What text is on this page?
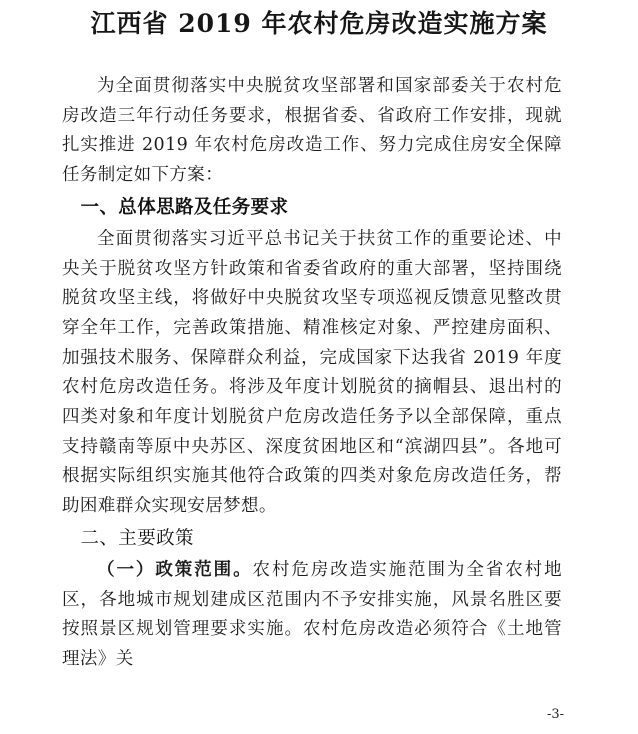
江西省 2019 年农村危房改造实施方案

为全面贯彻落实中央脱贫攻坚部署和国家部委关于农村危房改造三年行动任务要求，根据省委、省政府工作安排，现就扎实推进 2019 年农村危房改造工作、努力完成住房安全保障任务制定如下方案：

一、总体思路及任务要求

全面贯彻落实习近平总书记关于扶贫工作的重要论述、中央关于脱贫攻坚方针政策和省委省政府的重大部署，坚持围绕脱贫攻坚主线，将做好中央脱贫攻坚专项巡视反馈意见整改贯穿全年工作，完善政策措施、精准核定对象、严控建房面积、加强技术服务、保障群众利益，完成国家下达我省 2019 年度农村危房改造任务。将涉及年度计划脱贫的摘帽县、退出村的四类对象和年度计划脱贫户危房改造任务予以全部保障，重点支持赣南等原中央苏区、深度贫困地区和“滨湖四县”。各地可根据实际组织实施其他符合政策的四类对象危房改造任务，帮助困难群众实现安居梦想。

二、主要政策

（一）政策范围。农村危房改造实施范围为全省农村地区，各地城市规划建成区范围内不予安排实施，风景名胜区要按照景区规划管理要求实施。农村危房改造必须符合《土地管理法》关

-3-
